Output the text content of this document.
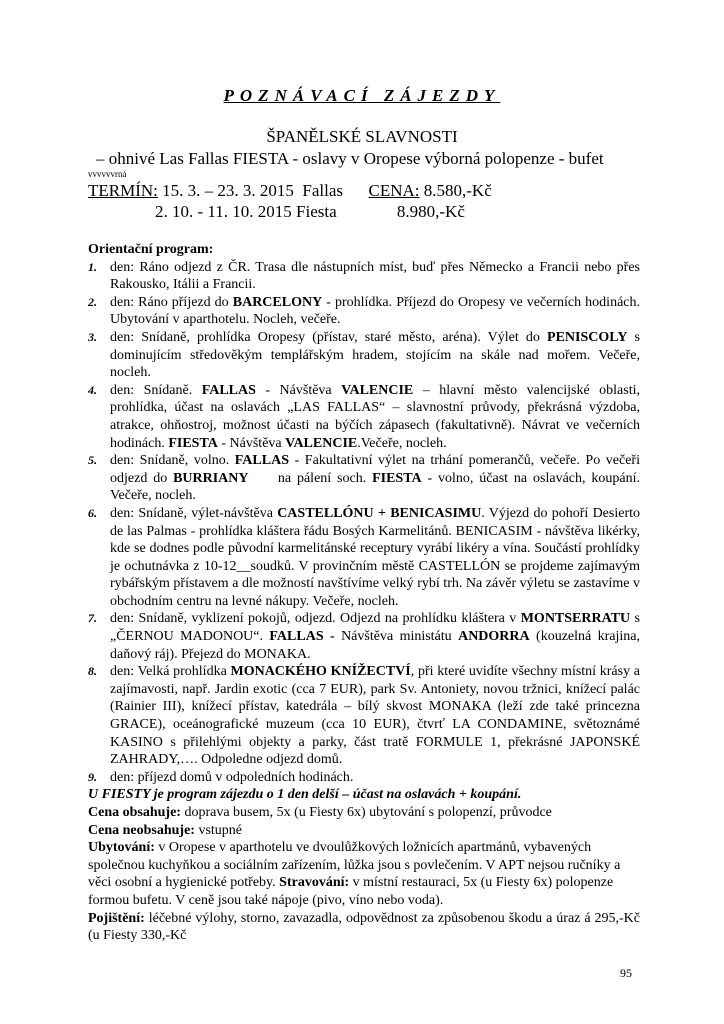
POZNÁVACÍ ZÁJEZDY
ŠPANĚLSKÉ SLAVNOSTI
– ohnivé Las Fallas FIESTA - oslavy v Oropese výborná polopenze - bufet
vvvvvvrná
TERMÍN: 15. 3. – 23. 3. 2015  Fallas      CENA: 8.580,-Kč
2. 10. - 11. 10. 2015 Fiesta	8.980,-Kč

Orientační program:

1. den: Ráno odjezd z ČR. Trasa dle nástupních míst, buď přes Německo a Francii nebo přes Rakousko, Itálii a Francii.
2. den: Ráno příjezd do BARCELONY - prohlídka. Příjezd do Oropesy ve večerních hodinách. Ubytování v aparthotelu. Nocleh, večeře.
3. den: Snídaně, prohlídka Oropesy (přístav, staré město, aréna). Výlet do PENISCOLY s dominujícím středověkým templářským hradem, stojícím na skále nad mořem. Večeře, nocleh.
4. den: Snídaně. FALLAS - Návštěva VALENCIE – hlavní město valencijské oblasti, prohlídka, účast na oslavách „LAS FALLAS“ – slavnostní průvody, překrásná výzdoba, atrakce, ohňostroj, možnost účasti na býčích zápasech (fakultativně). Návrat ve večerních hodinách. FIESTA - Návštěva VALENCIE.Večeře, nocleh.
5. den: Snídaně, volno. FALLAS - Fakultativní výlet na trhání pomerančů, večeře. Po večeři odjezd do BURRIANY     na pálení soch. FIESTA - volno, účast na oslavách, koupání. Večeře, nocleh.
6. den: Snídaně, výlet-návštěva CASTELLÓNU + BENICASIMU. Výjezd do pohoří Desierto de las Palmas - prohlídka kláštera řádu Bosých Karmelitánů. BENICASIM - návštěva likérky, kde se dodnes podle původní karmelitánské receptury vyrábí likéry a vína. Součástí prohlídky je ochutnávka z 10-12__soudků. V provinčním městě CASTELLÓN se projdeme zajímavým rybářským přístavem a dle možností navštívíme velký rybí trh. Na závěr výletu se zastavíme v obchodním centru na levné nákupy. Večeře, nocleh.
7. den: Snídaně, vyklizení pokojů, odjezd. Odjezd na prohlídku kláštera v MONTSERRATU s „ČERNOU MADONOU“. FALLAS - Návštěva ministátu ANDORRA (kouzelná krajina, daňový ráj). Přejezd do MONAKA.
8. den: Velká prohlídka MONACKÉHO KNÍŽECTVÍ, při které uvidíte všechny místní krásy a zajímavosti, např. Jardin exotic (cca 7 EUR), park Sv. Antoniety, novou tržnici, knížecí palác (Rainier III), knížecí přístav, katedrála – bílý skvost MONAKA (leží zde také princezna GRACE), oceánografické muzeum (cca 10 EUR), čtvrť LA CONDAMINE, světoznámé KASINO s přilehlými objekty a parky, část tratě FORMULE 1, překrásné JAPONSKÉ ZAHRADY,…. Odpoledne odjezd domů.
9. den: příjezd domů v odpoledních hodinách.

U FIESTY je program zájezdu o 1 den delší – účast na oslavách + koupání.

Cena obsahuje: doprava busem, 5x (u Fiesty 6x) ubytování s polopenzí, průvodce

Cena neobsahuje: vstupné

Ubytování: v Oropese v aparthotelu ve dvoulůžkových ložnicích apartmánů, vybavených společnou kuchyňkou a sociálním zařízením, lůžka jsou s povlečením. V APT nejsou ručníky a věci osobní a hygienické potřeby. Stravování: v místní restauraci, 5x (u Fiesty 6x) polopenze formou bufetu. V ceně jsou také nápoje (pivo, víno nebo voda).

Pojištění: léčebné výlohy, storno, zavazadla, odpovědnost za způsobenou škodu a úraz á 295,-Kč (u Fiesty 330,-Kč

95
